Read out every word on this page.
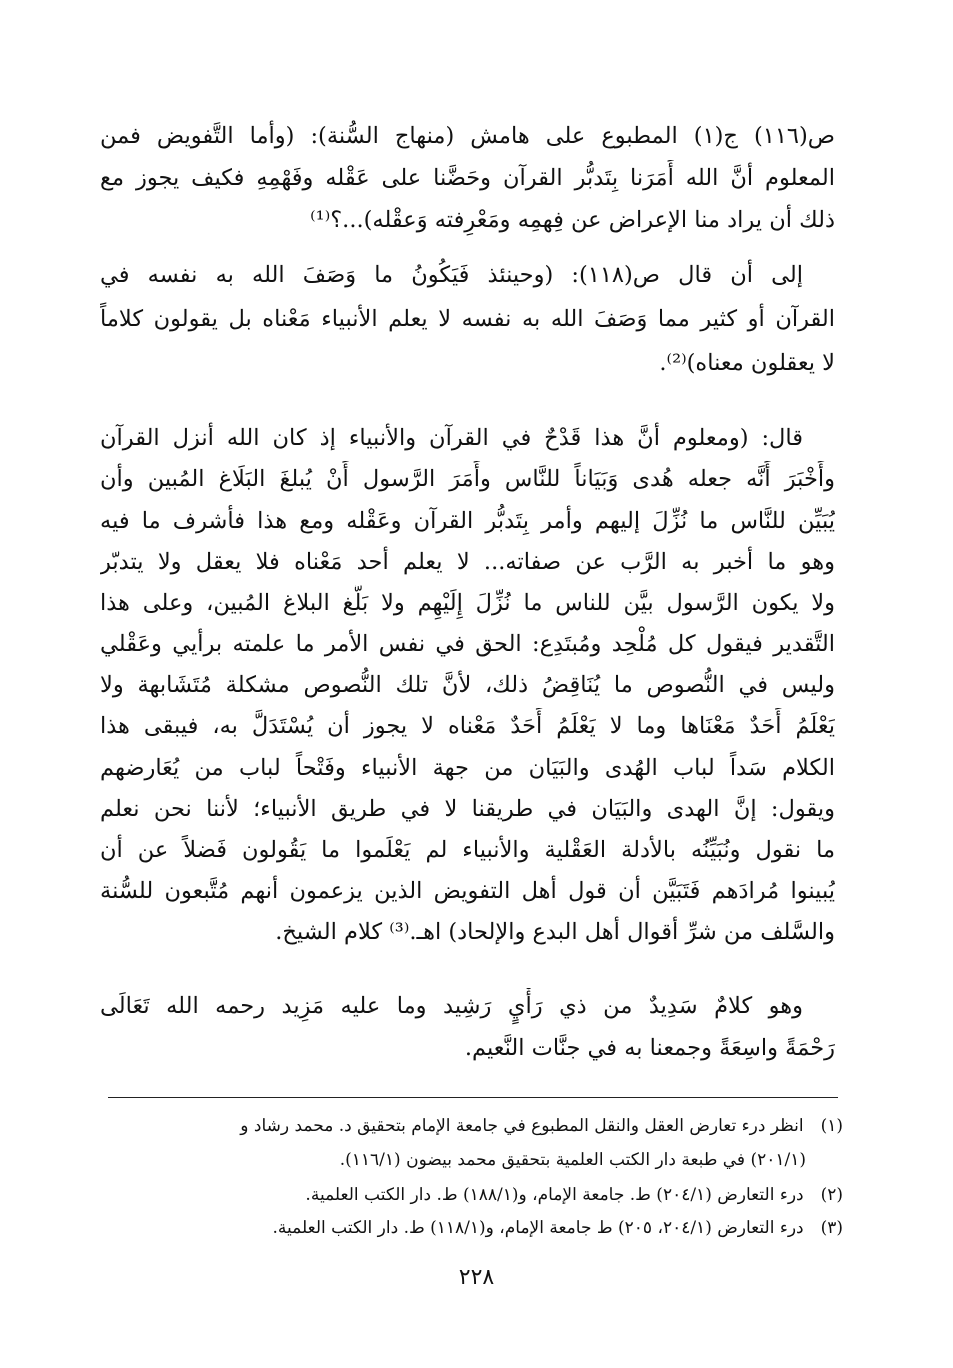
ص(١١٦) ج(١) المطبوع على هامش (منهاج السُّنة): (وأما التَّفويض فمن
المعلوم أنَّ الله أَمَرَنا بِتَدبُّر القرآن وحَضَّنا على عَقْله وفَهْمِهِ فكيف يجوز مع
ذلك أن يراد منا الإعراض عن فِهمِه ومَعْرِفته وَعقْله)...؟⁽¹⁾
إلى أن قال ص(١١٨): (وحينئذ فَيَكُونُ ما وَصَفَ الله به نفسه في
القرآن أو كثير مما وَصَفَ الله به نفسه لا يعلم الأنبياء مَعْناه بل يقولون كلاماً
لا يعقلون معناه)⁽²⁾.
قال: (ومعلوم أنَّ هذا قَدْحٌ في القرآن والأنبياء إذ كان الله أنزل القرآن
وأَخْبَرَ أَنَّه جعله هُدى وَبَيَاناً للنَّاس وأَمَرَ الرَّسول أَنْ يُبلغَ البَلَاغ المُبين وأن
يُبَيِّن للنَّاس ما نُزِّلَ إليهم وأمر بِتَدبُّر القرآن وعَقْله ومع هذا فأشرف ما فيه
وهو ما أخبر به الرَّب عن صفاته... لا يعلم أحد مَعْناه فلا يعقل ولا يتدبّر
ولا يكون الرَّسول بيَّن للناس ما نُزِّلَ إِلَيْهِم ولا بَلَّغ البلاغ المُبين، وعلى هذا
التَّقدير فيقول كل مُلْحِد ومُبتَدِع: الحق في نفس الأمر ما علمته برأيي وعَقْلي
وليس في النُّصوص ما يُنَاقِضُ ذلك، لأنَّ تلك النُّصوص مشكلة مُتَشَابهة ولا
يَعْلَمُ أَحَدٌ مَعْنَاها وما لا يَعْلَمُ أَحَدٌ مَعْناه لا يجوز أن يُسْتَدَلَّ به، فيبقى هذا
الكلام سَداً لباب الهُدى والبَيَان من جهة الأنبياء وفَتْحاً لباب من يُعَارضهم
ويقول: إنَّ الهدى والبَيَان في طريقنا لا في طريق الأنبياء؛ لأننا نحن نعلم
ما نقول ونُبَيِّنُه بالأدلة العَقْلية والأنبياء لم يَعْلَموا ما يَقُولون فَضلاً عن أن
يُبينوا مُرادَهم فَتَبَيَّن أن قول أهل التفويض الذين يزعمون أنهم مُتَّبعون للسُّنة
والسَّلف من شرِّ أقوال أهل البدع والإلحاد) اهـ.⁽³⁾ كلام الشيخ.
وهو كلامٌ سَدِيدٌ من ذي رَأْيٍ رَشِيد وما عليه مَزِيد رحمه الله تَعَالَى
رَحْمَةً واسِعَةً وجمعنا به في جنَّات النَّعيم.
(١) انظر درء تعارض العقل والنقل المطبوع في جامعة الإمام بتحقيق د. محمد رشاد و
(٢٠١/١) في طبعة دار الكتب العلمية بتحقيق محمد بيضون (١١٦/١).
(٢) درء التعارض (٢٠٤/١) ط. جامعة الإمام، و(١٨٨/١) ط. دار الكتب العلمية.
(٣) درء التعارض (٢٠٤/١، ٢٠٥) ط جامعة الإمام، و(١١٨/١) ط. دار الكتب العلمية.
٢٢٨
